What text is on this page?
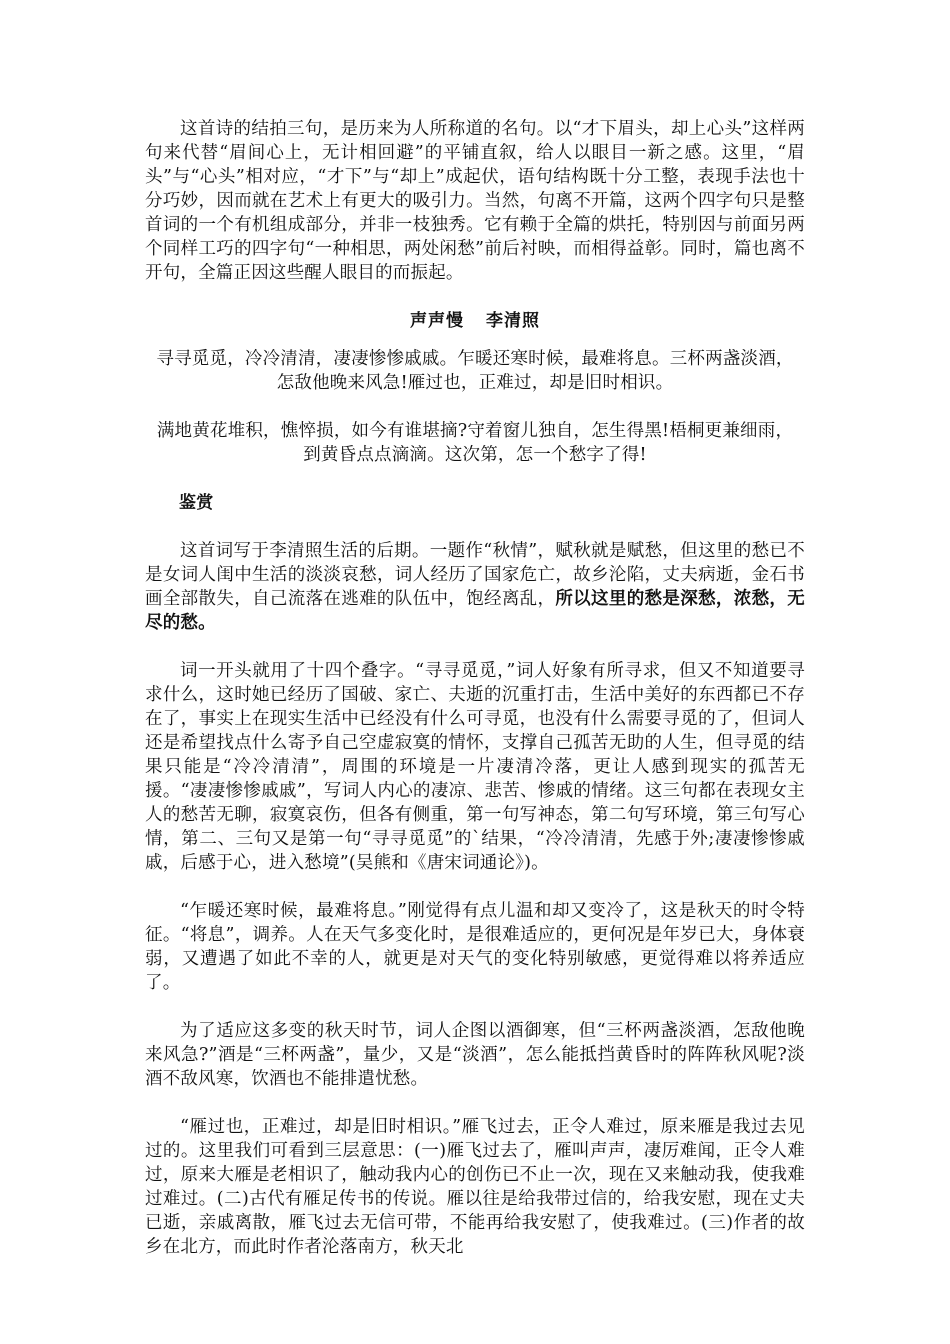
这首诗的结拍三句，是历来为人所称道的名句。以“才下眉头，却上心头”这样两句来代替“眉间心上，无计相回避”的平铺直叙，给人以眼目一新之感。这里，“眉头”与“心头”相对应，“才下”与“却上”成起伏，语句结构既十分工整，表现手法也十分巧妙，因而就在艺术上有更大的吸引力。当然，句离不开篇，这两个四字句只是整首词的一个有机组成部分，并非一枝独秀。它有赖于全篇的烘托，特别因与前面另两个同样工巧的四字句“一种相思，两处闲愁”前后衬映，而相得益彰。同时，篇也离不开句，全篇正因这些醒人眼目的而振起。

声声慢 李清照
寻寻觅觅，冷冷清清，凄凄惨惨戚戚。乍暖还寒时候，最难将息。三杯两盏淡酒，怎敌他晚来风急!雁过也，正难过，却是旧时相识。
满地黄花堆积，憔悴损，如今有谁堪摘?守着窗儿独自，怎生得黑!梧桐更兼细雨，到黄昏点点滴滴。这次第，怎一个愁字了得!
鉴赏

这首词写于李清照生活的后期。一题作“秋情”，赋秋就是赋愁，但这里的愁已不是女词人闺中生活的淡淡哀愁，词人经历了国家危亡，故乡沦陷，丈夫病逝，金石书画全部散失，自己流落在逃难的队伍中，饱经离乱，所以这里的愁是深愁，浓愁，无尽的愁。

词一开头就用了十四个叠字。“寻寻觅觅，”词人好象有所寻求，但又不知道要寻求什么，这时她已经历了国破、家亡、夫逝的沉重打击，生活中美好的东西都已不存在了，事实上在现实生活中已经没有什么可寻觅，也没有什么需要寻觅的了，但词人还是希望找点什么寄予自己空虚寂寞的情怀，支撑自己孤苦无助的人生，但寻觅的结果只能是“冷冷清清”，周围的环境是一片凄清冷落，更让人感到现实的孤苦无援。“凄凄惨惨戚戚”，写词人内心的凄凉、悲苦、惨戚的情绪。这三句都在表现女主人的愁苦无聊，寂寞哀伤，但各有侧重，第一句写神态，第二句写环境，第三句写心情，第二、三句又是第一句“寻寻觅觅”的`结果，“冷冷清清，先感于外;凄凄惨惨戚戚，后感于心，进入愁境”(吴熊和《唐宋词通论》)。

“乍暖还寒时候，最难将息。”刚觉得有点儿温和却又变冷了，这是秋天的时令特征。“将息”，调养。人在天气多变化时，是很难适应的，更何况是年岁已大，身体衰弱，又遭遇了如此不幸的人，就更是对天气的变化特别敏感，更觉得难以将养适应了。

为了适应这多变的秋天时节，词人企图以酒御寒，但“三杯两盏淡酒，怎敌他晚来风急?”酒是“三杯两盏”，量少，又是“淡酒”，怎么能抵挡黄昏时的阵阵秋风呢?淡酒不敌风寒，饮酒也不能排遣忧愁。

“雁过也，正难过，却是旧时相识。”雁飞过去，正令人难过，原来雁是我过去见过的。这里我们可看到三层意思：(一)雁飞过去了，雁叫声声，凄厉难闻，正令人难过，原来大雁是老相识了，触动我内心的创伤已不止一次，现在又来触动我，使我难过难过。(二)古代有雁足传书的传说。雁以往是给我带过信的，给我安慰，现在丈夫已逝，亲戚离散，雁飞过去无信可带，不能再给我安慰了，使我难过。(三)作者的故乡在北方，而此时作者沦落南方，秋天北
